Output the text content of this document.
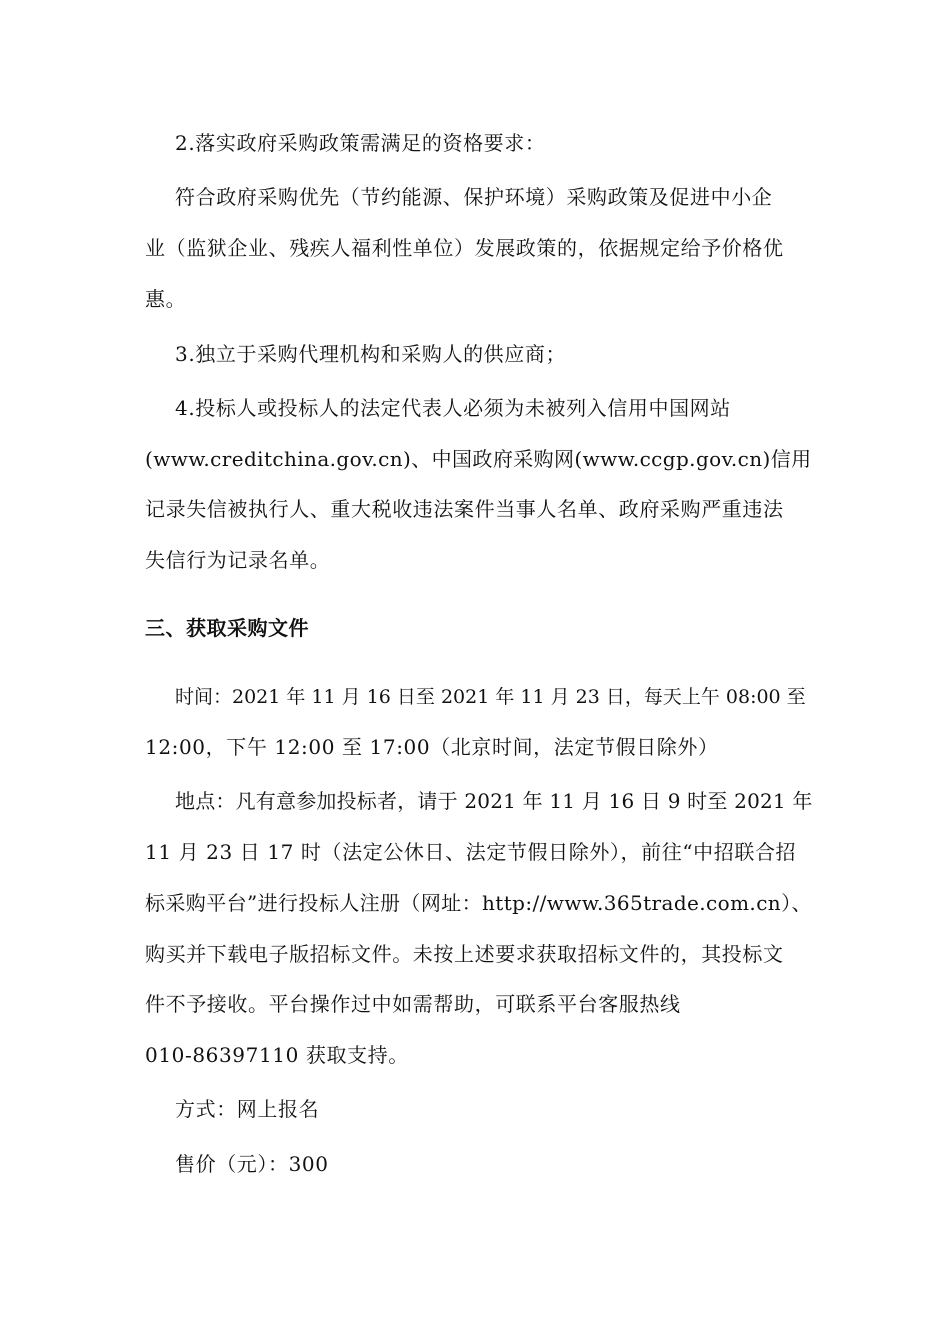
2.落实政府采购政策需满足的资格要求：
符合政府采购优先（节约能源、保护环境）采购政策及促进中小企
业（监狱企业、残疾人福利性单位）发展政策的，依据规定给予价格优
惠。
3.独立于采购代理机构和采购人的供应商；
4.投标人或投标人的法定代表人必须为未被列入信用中国网站
(www.creditchina.gov.cn)、中国政府采购网(www.ccgp.gov.cn)信用
记录失信被执行人、重大税收违法案件当事人名单、政府采购严重违法
失信行为记录名单。
三、获取采购文件
时间：2021 年 11 月 16 日至 2021 年 11 月 23 日，每天上午 08:00 至
12:00，下午 12:00 至 17:00（北京时间，法定节假日除外）
地点：凡有意参加投标者，请于 2021 年 11 月 16 日 9 时至 2021 年
11 月 23 日 17 时（法定公休日、法定节假日除外），前往“中招联合招
标采购平台”进行投标人注册（网址：http://www.365trade.com.cn）、
购买并下载电子版招标文件。未按上述要求获取招标文件的，其投标文
件不予接收。平台操作过中如需帮助，可联系平台客服热线
010-86397110 获取支持。
方式：网上报名
售价（元）：300
